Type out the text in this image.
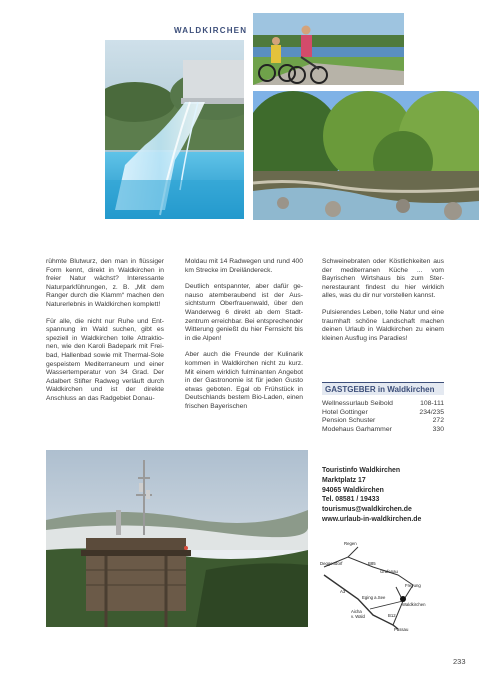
WALDKIRCHEN

rühmte Blutwurz, den man in flüssiger Form kennt, direkt in Waldkirchen in freier Natur wächst? Interessante Naturparkführungen, z. B. „Mit dem Ranger durch die Klamm“ machen den Naturerlebnis in Waldkirchen komplett!

Für alle, die nicht nur Ruhe und Entspannung im Wald suchen, gibt es speziell in Waldkirchen tolle Attraktionen, wie den Karoli Badepark mit Freibad, Hallenbad sowie mit Thermal-Sole gespeistem Mediterraneum und einer Wassertemperatur von 34 Grad. Der Adalbert Stifter Radweg verläuft durch Waldkirchen und ist der direkte Anschluss an das Radgebiet Donau-

Moldau mit 14 Radwegen und rund 400 km Strecke im Dreiländereck.

Deutlich entspannter, aber dafür genauso atemberaubend ist der Aussichtsturm Oberfrauenwald, über den Wanderweg 6 direkt ab dem Stadtzentrum erreichbar. Bei entsprechender Witterung genießt du hier Fernsicht bis in die Alpen!

Aber auch die Freunde der Kulinarik kommen in Waldkirchen nicht zu kurz. Mit einem wirklich fulminanten Angebot in der Gastronomie ist für jeden Gusto etwas geboten. Egal ob Frühstück in Deutschlands bestem Bio-Laden, einen frischen Bayerischen

Schweinebraten oder Köstlichkeiten aus der mediterranen Küche ... vom Bayrischen Wirtshaus bis zum Sternerestaurant findest du hier wirklich alles, was du dir nur vorstellen kannst.

Pulsierendes Leben, tolle Natur und eine traumhaft schöne Landschaft machen deinen Urlaub in Waldkirchen zu einem kleinen Ausflug ins Paradies!

GASTGEBER in Waldkirchen
Wellnessurlaub Seibold	108-111
Hotel Gottinger	234/235
Pension Schuster	272
Modehaus Garhammer	330
Touristinfo Waldkirchen
Marktplatz 17
94065 Waldkirchen
Tel. 08581 / 19433
tourismus@waldkirchen.de
www.urlaub-in-waldkirchen.de
Regen
Deggendorf
Grafenau
Freyung
Eging a.See
Waldkirchen
Aicha
v. Wald
Passau
B85
A3
B12
233
